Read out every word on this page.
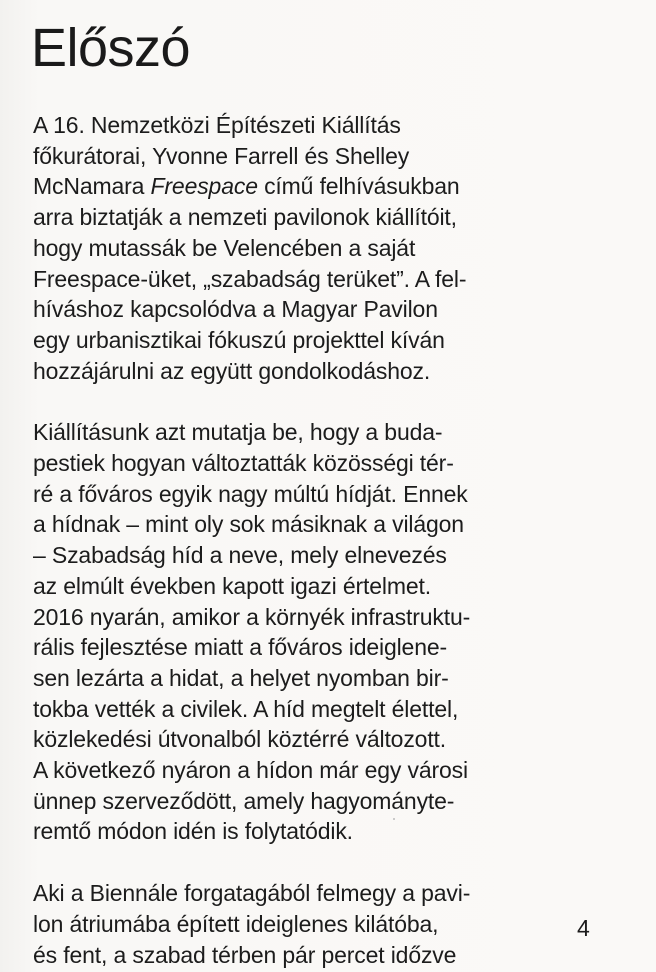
Előszó

A 16. Nemzetközi Építészeti Kiállítás
főkurátorai, Yvonne Farrell és Shelley
McNamara Freespace című felhívásukban
arra biztatják a nemzeti pavilonok kiállítóit,
hogy mutassák be Velencében a saját
Freespace-üket, „szabadság terüket”. A fel-
híváshoz kapcsolódva a Magyar Pavilon
egy urbanisztikai fókuszú projekttel kíván
hozzájárulni az együtt gondolkodáshoz.

Kiállításunk azt mutatja be, hogy a buda-
pestiek hogyan változtatták közösségi tér-
ré a főváros egyik nagy múltú hídját. Ennek
a hídnak – mint oly sok másiknak a világon
– Szabadság híd a neve, mely elnevezés
az elmúlt években kapott igazi értelmet.
2016 nyarán, amikor a környék infrastruktu-
rális fejlesztése miatt a főváros ideiglene-
sen lezárta a hidat, a helyet nyomban bir-
tokba vették a civilek. A híd megtelt élettel,
közlekedési útvonalból köztérré változott.
A következő nyáron a hídon már egy városi
ünnep szerveződött, amely hagyományte-
remtő módon idén is folytatódik.

Aki a Biennále forgatagából felmegy a pavi-
lon átriumába épített ideiglenes kilátóba,
és fent, a szabad térben pár percet időzve

4
